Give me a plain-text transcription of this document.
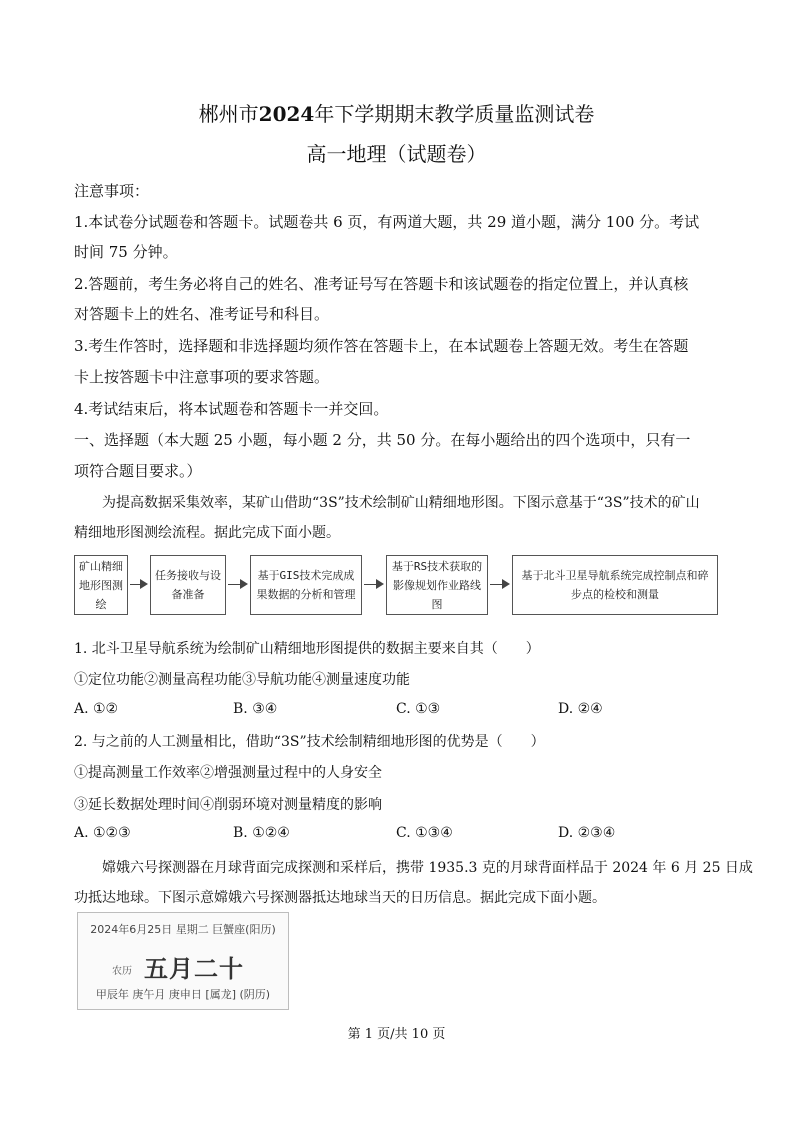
郴州市2024年下学期期末教学质量监测试卷
高一地理（试题卷）
注意事项：
1.本试卷分试题卷和答题卡。试题卷共 6 页，有两道大题，共 29 道小题，满分 100 分。考试
时间 75 分钟。
2.答题前，考生务必将自己的姓名、准考证号写在答题卡和该试题卷的指定位置上，并认真核
对答题卡上的姓名、准考证号和科目。
3.考生作答时，选择题和非选择题均须作答在答题卡上，在本试题卷上答题无效。考生在答题
卡上按答题卡中注意事项的要求答题。
4.考试结束后，将本试题卷和答题卡一并交回。
一、选择题（本大题 25 小题，每小题 2 分，共 50 分。在每小题给出的四个选项中，只有一
项符合题目要求。）
为提高数据采集效率，某矿山借助“3S”技术绘制矿山精细地形图。下图示意基于“3S”技术的矿山
精细地形图测绘流程。据此完成下面小题。
矿山精细地形图测绘
任务接收与设备准备
基于GIS技术完成成果数据的分析和管理
基于RS技术获取的影像规划作业路线图
基于北斗卫星导航系统完成控制点和碎步点的检校和测量
1. 北斗卫星导航系统为绘制矿山精细地形图提供的数据主要来自其（　　）
①定位功能②测量高程功能③导航功能④测量速度功能
A. ①②	B. ③④	C. ①③	D. ②④
2. 与之前的人工测量相比，借助“3S”技术绘制精细地形图的优势是（　　）
①提高测量工作效率②增强测量过程中的人身安全
③延长数据处理时间④削弱环境对测量精度的影响
A. ①②③	B. ①②④	C. ①③④	D. ②③④
嫦娥六号探测器在月球背面完成探测和采样后，携带 1935.3 克的月球背面样品于 2024 年 6 月 25 日成
功抵达地球。下图示意嫦娥六号探测器抵达地球当天的日历信息。据此完成下面小题。
2024年6月25日 星期二 巨蟹座(阳历)
农历 五月二十
甲辰年 庚午月 庚申日 [属龙] (阴历)
第 1 页/共 10 页
